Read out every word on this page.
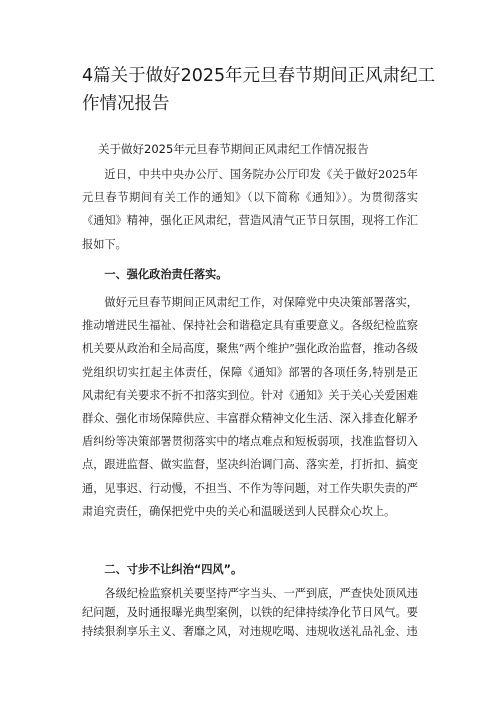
4篇关于做好2025年元旦春节期间正风肃纪工作情况报告
关于做好2025年元旦春节期间正风肃纪工作情况报告

近日，中共中央办公厅、国务院办公厅印发《关于做好2025年元旦春节期间有关工作的通知》（以下简称《通知》）。为贯彻落实《通知》精神，强化正风肃纪，营造风清气正节日氛围，现将工作汇报如下。

一、强化政治责任落实。

做好元旦春节期间正风肃纪工作，对保障党中央决策部署落实，推动增进民生福祉、保持社会和谐稳定具有重要意义。各级纪检监察机关要从政治和全局高度，聚焦“两个维护”强化政治监督，推动各级党组织切实扛起主体责任，保障《通知》部署的各项任务,特别是正风肃纪有关要求不折不扣落实到位。针对《通知》关于关心关爱困难群众、强化市场保障供应、丰富群众精神文化生活、深入排查化解矛盾纠纷等决策部署贯彻落实中的堵点难点和短板弱项，找准监督切入点，跟进监督、做实监督，坚决纠治调门高、落实差，打折扣、搞变通，见事迟、行动慢，不担当、不作为等问题，对工作失职失责的严肃追究责任，确保把党中央的关心和温暖送到人民群众心坎上。

二、寸步不让纠治“四风”。

各级纪检监察机关要坚持严字当头、一严到底，严查快处顶风违纪问题，及时通报曝光典型案例，以铁的纪律持续净化节日风气。要持续狠刹享乐主义、奢靡之风，对违规吃喝、违规收送礼品礼金、违
